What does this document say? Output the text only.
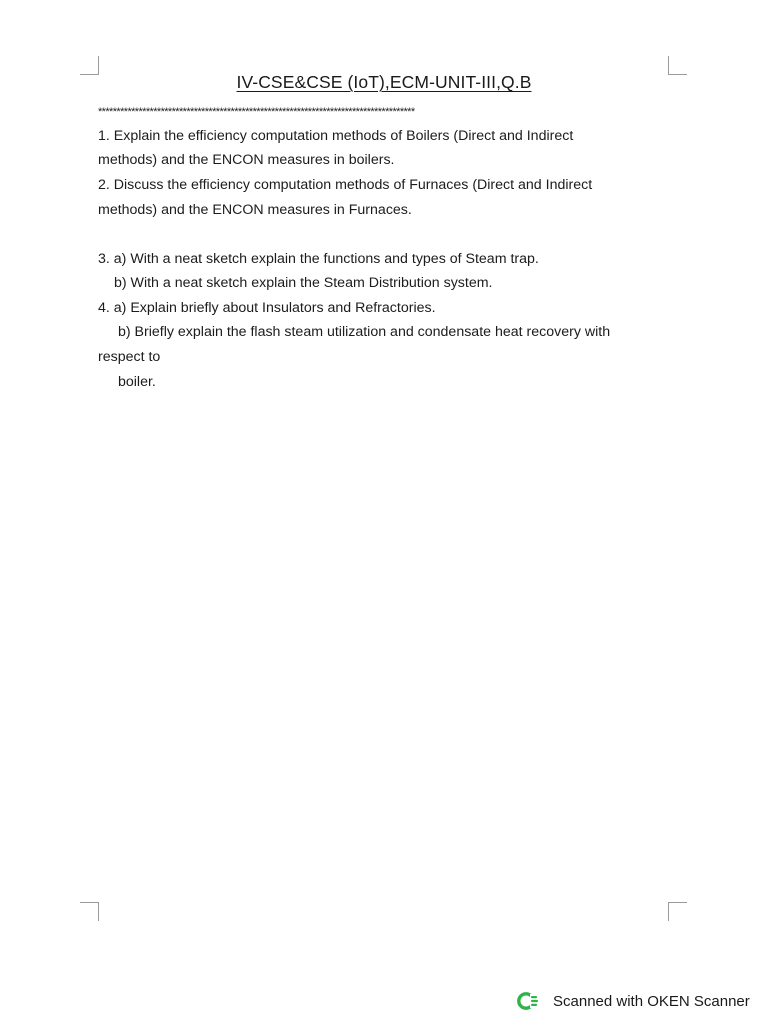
IV-CSE&CSE (IoT),ECM-UNIT-III,Q.B
**************************************************************************************
1. Explain the efficiency computation methods of Boilers (Direct and Indirect
methods) and the ENCON measures in boilers.
2. Discuss the efficiency computation methods of Furnaces (Direct and Indirect
methods) and the ENCON measures in Furnaces.
3. a) With a neat sketch explain the functions and types of Steam trap.
b) With a neat sketch explain the Steam Distribution system.
4. a) Explain briefly about Insulators and Refractories.
b) Briefly explain the flash steam utilization and condensate heat recovery with
respect to
boiler.
Scanned with OKEN Scanner
